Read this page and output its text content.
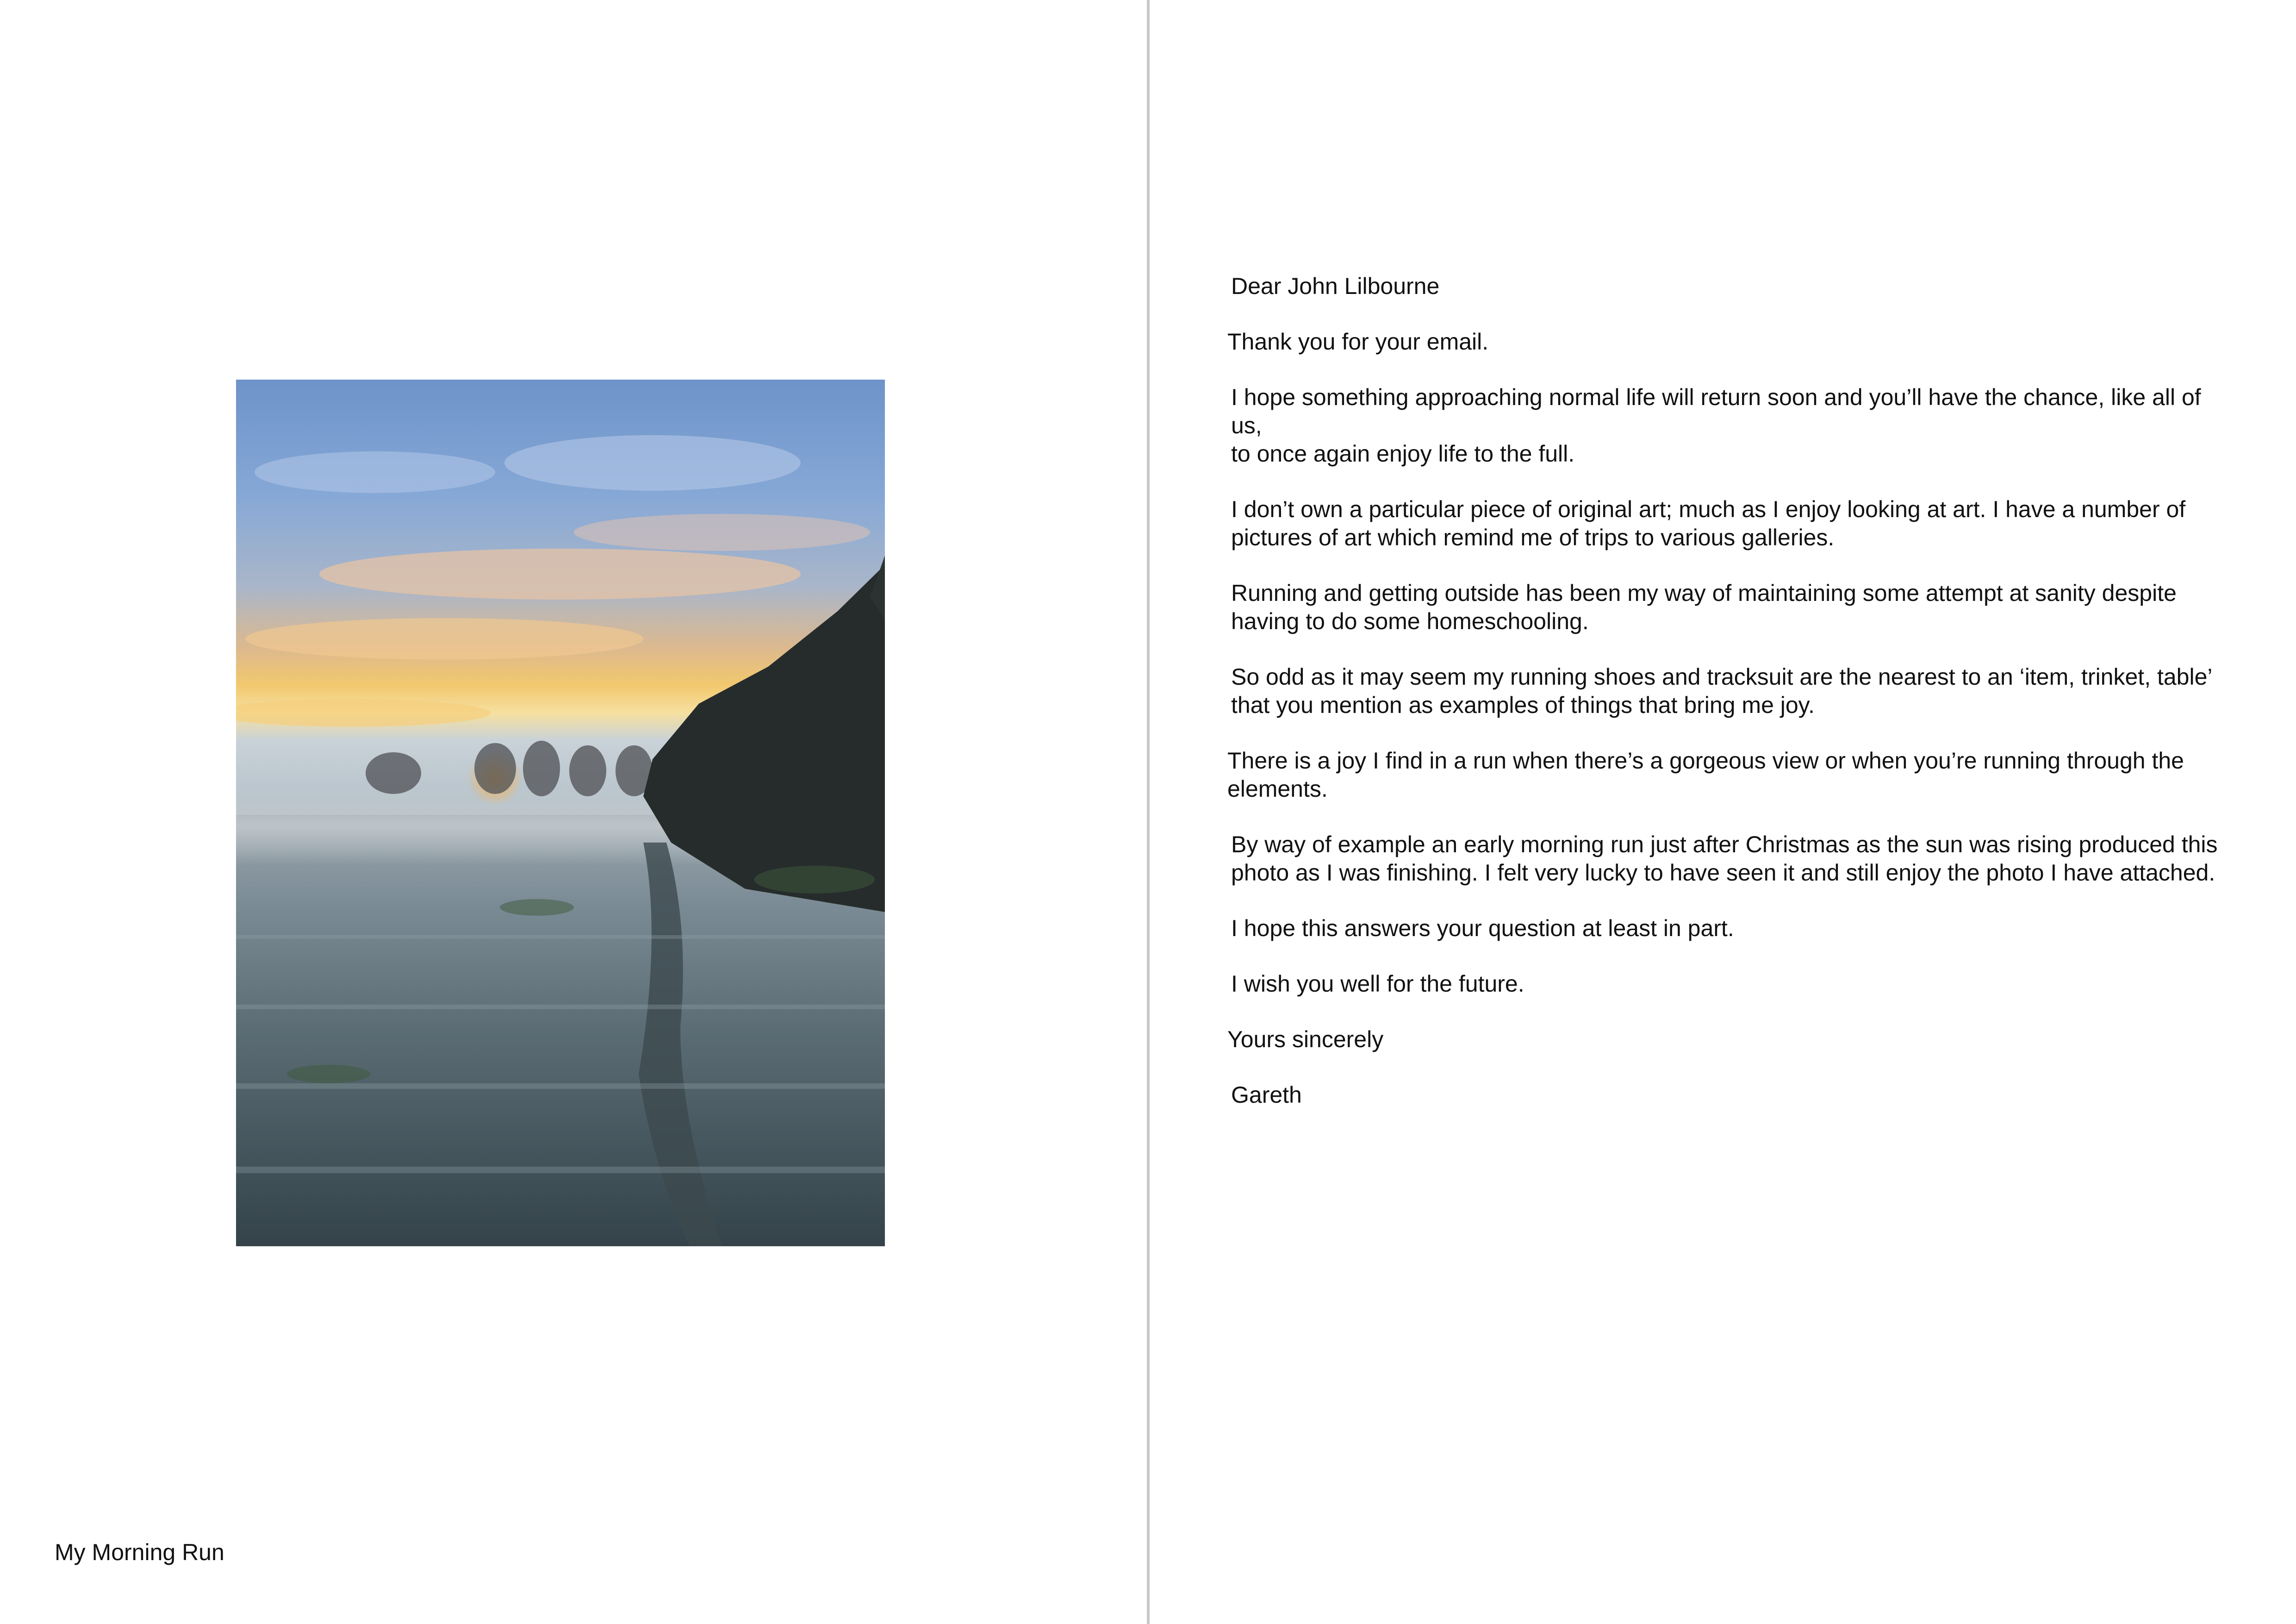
My Morning Run

Dear John Lilbourne

Thank you for your email.

I hope something approaching normal life will return soon and you’ll have the chance, like all of us,
to once again enjoy life to the full.

I don’t own a particular piece of original art; much as I enjoy looking at art. I have a number of
pictures of art which remind me of trips to various galleries.

Running and getting outside has been my way of maintaining some attempt at sanity despite
having to do some homeschooling.

So odd as it may seem my running shoes and tracksuit are the nearest to an ‘item, trinket, table’
that you mention as examples of things that bring me joy.

There is a joy I find in a run when there’s a gorgeous view or when you’re running through the
elements.

By way of example an early morning run just after Christmas as the sun was rising produced this
photo as I was finishing. I felt very lucky to have seen it and still enjoy the photo I have attached.

I hope this answers your question at least in part.

I wish you well for the future.

Yours sincerely

Gareth
